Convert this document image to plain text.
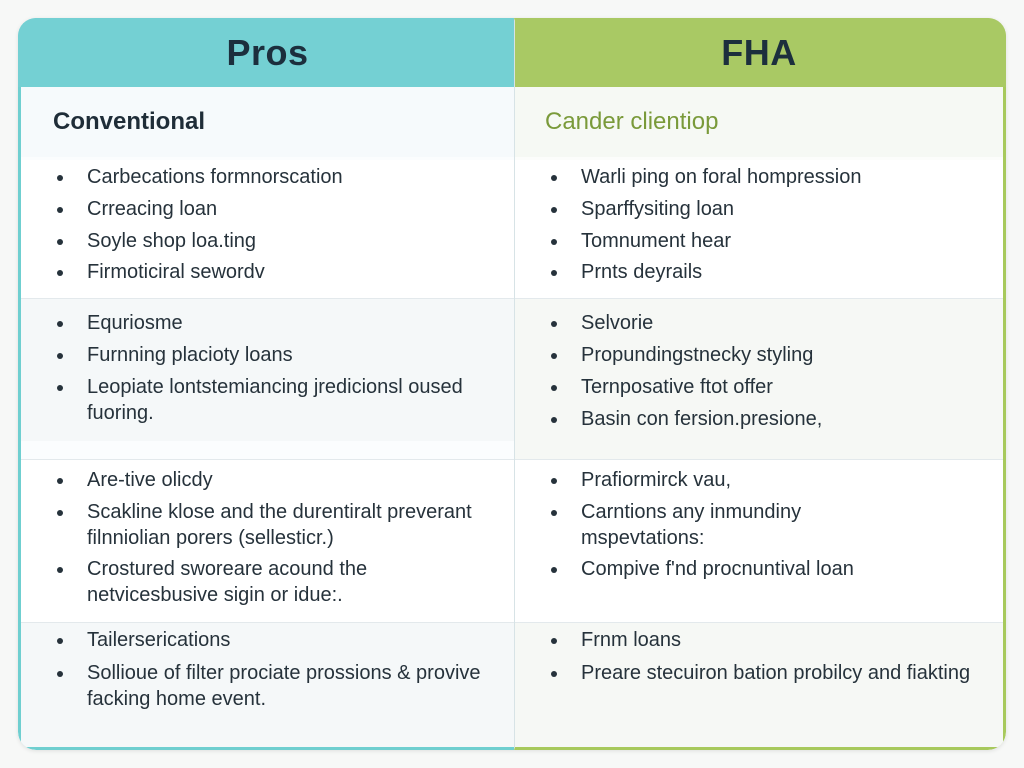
Pros
Conventional
Carbecations formnorscation
Crreacing loan
Soyle shop loa.ting
Firmoticiral sewordv
Equriosme
Furnning placioty loans
Leopiate lontstemiancing jredicionsl oused fuoring.
Are-tive olicdy
Scakline klose and the durentiralt preverant filnniolian porers (sellesticr.)
Crostured sworeare acound the netvicesbusive sigin or idue:.
Tailerserications
Sollioue of filter prociate prossions & provive facking home event.
FHA
Cander clientiop
Warli ping on foral hompression
Sparffysiting loan
Tomnument hear
Prnts deyrails
Selvorie
Propundingstnecky styling
Ternposative ftot offer
Basin con fersion.presione,
Prafiormirck vau,
Carntions any inmundiny mspevtations:
Compive f'nd procnuntival loan
Frnm loans
Preare stecuiron bation probilcy and fiakting
